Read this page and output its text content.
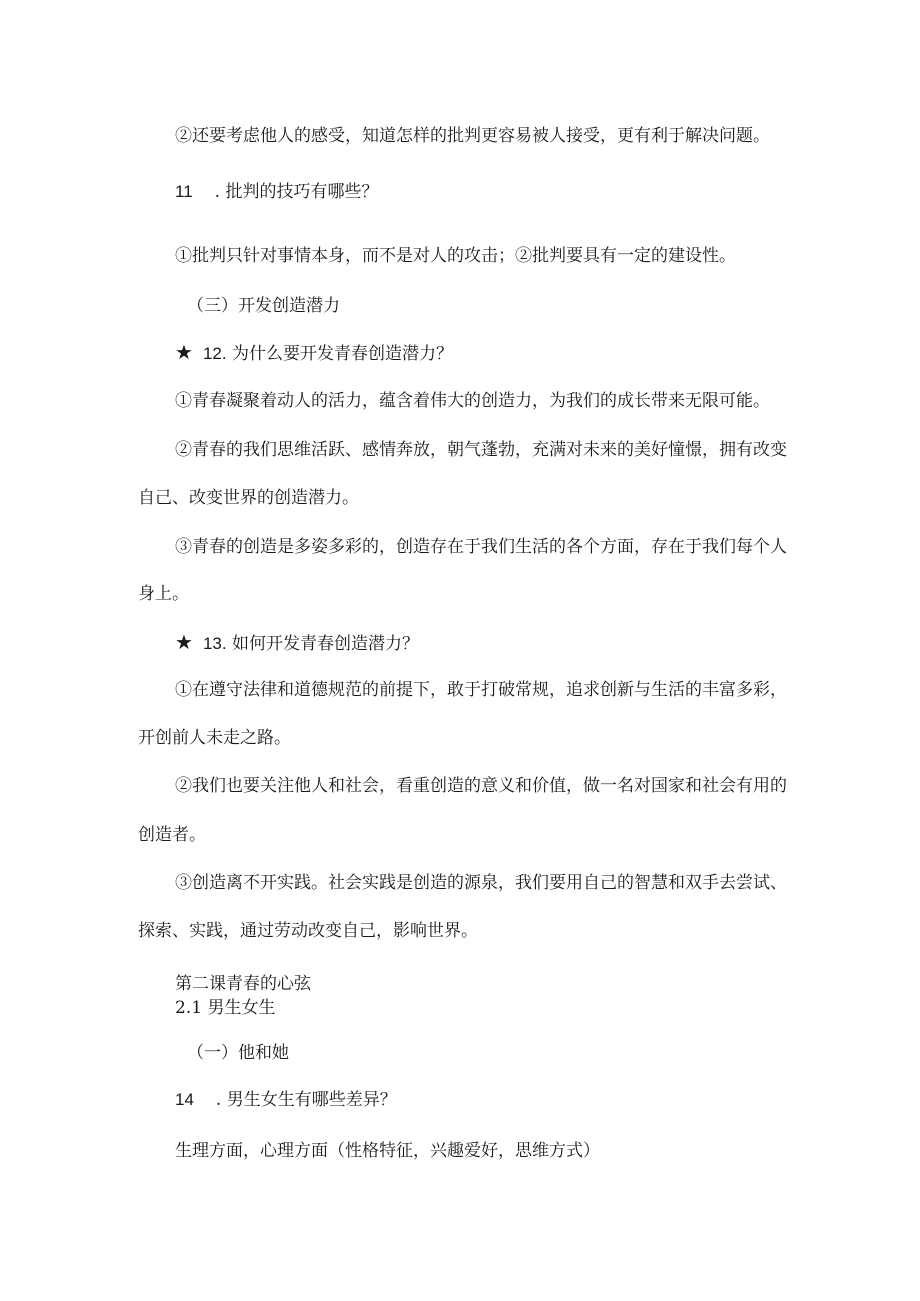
②还要考虑他人的感受，知道怎样的批判更容易被人接受，更有利于解决问题。
11 . 批判的技巧有哪些？
①批判只针对事情本身，而不是对人的攻击；②批判要具有一定的建设性。
（三）开发创造潜力
★ 12. 为什么要开发青春创造潜力？
①青春凝聚着动人的活力，蕴含着伟大的创造力，为我们的成长带来无限可能。
②青春的我们思维活跃、感情奔放，朝气蓬勃，充满对未来的美好憧憬，拥有改变
自己、改变世界的创造潜力。
③青春的创造是多姿多彩的，创造存在于我们生活的各个方面，存在于我们每个人
身上。
★ 13. 如何开发青春创造潜力？
①在遵守法律和道德规范的前提下，敢于打破常规，追求创新与生活的丰富多彩，
开创前人未走之路。
②我们也要关注他人和社会，看重创造的意义和价值，做一名对国家和社会有用的
创造者。
③创造离不开实践。社会实践是创造的源泉，我们要用自己的智慧和双手去尝试、
探索、实践，通过劳动改变自己，影响世界。
第二课青春的心弦
2.1 男生女生
（一）他和她
14 . 男生女生有哪些差异？
生理方面，心理方面（性格特征，兴趣爱好，思维方式）
